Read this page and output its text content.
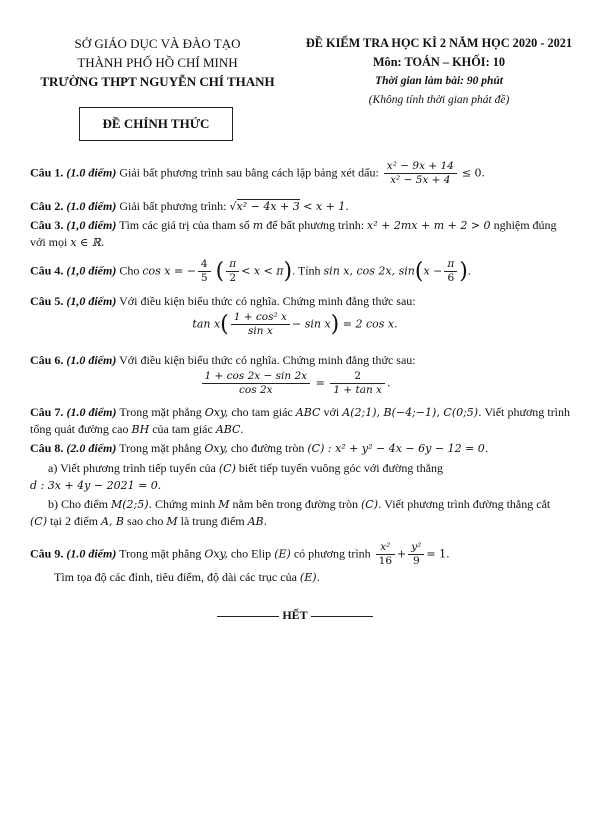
SỞ GIÁO DỤC VÀ ĐÀO TẠO
THÀNH PHỐ HỒ CHÍ MINH
TRƯỜNG THPT NGUYỄN CHÍ THANH
ĐỀ KIỂM TRA HỌC KÌ 2 NĂM HỌC 2020 - 2021
Môn: TOÁN – KHỐI: 10
Thời gian làm bài: 90 phút
(Không tính thời gian phát đề)
ĐỀ CHÍNH THỨC
Câu 1. (1.0 điểm) Giải bất phương trình sau bằng cách lập bảng xét dấu: $\frac{\text{x² − 9x + 14}}{\text{x² − 5x + 4}} \le 0$.
Câu 2. (1.0 điểm) Giải bất phương trình: √x² − 4x + 3 < x + 1.
Câu 3. (1,0 điểm) Tìm các giá trị của tham số m để bất phương trình: x² + 2mx + m + 2 > 0 nghiệm đúng
với mọi x ∈ ℝ.
Câu 4. (1,0 điểm) Cho cos x = − $\frac{4}{5}$ ( $\frac{\pi}{2} < x < \pi$). Tính sin x, cos 2x, $\sin(x - \frac{\pi}{6}$ ).
Câu 5. (1,0 điểm) Với điều kiện biểu thức có nghĩa. Chứng minh đẳng thức sau:
$\tan x( \frac{\text{1 + cos² x}}{\text{sin x}} - \sin x) = 2$ cos x.
Câu 6. (1.0 điểm) Với điều kiện biểu thức có nghĩa. Chứng minh đẳng thức sau:
$\frac{1 + \cos 2x - \sin 2x}{\cos 2x} = \frac{2}{\text{1 + tan x}}$ .
Câu 7. (1.0 điểm) Trong mặt phẳng Oxy, cho tam giác ABC với A(2;1), B(−4;−1), C(0;5). Viết phương trình tổng quát đường cao BH của tam giác ABC.
Câu 8. (2.0 điểm) Trong mặt phẳng Oxy, cho đường tròn (C) : x² + y² − 4x − 6y − 12 = 0.
a) Viết phương trình tiếp tuyến của (C) biết tiếp tuyến vuông góc với đường thẳng
d : 3x + 4y − 2021 = 0.
b) Cho điểm M(2;5). Chứng minh M nằm bên trong đường tròn (C). Viết phương trình đường thẳng cắt
(C) tại 2 điểm A, B sao cho M là trung điểm AB.
Câu 9. (1.0 điểm) Trong mặt phẳng Oxy, cho Elip (E) có phương trình $\frac{\text{x²}}{16} + \frac{\text{y²}}{9} = 1$.
Tìm tọa độ các đỉnh, tiêu điểm, độ dài các trục của (E).
HẾT
